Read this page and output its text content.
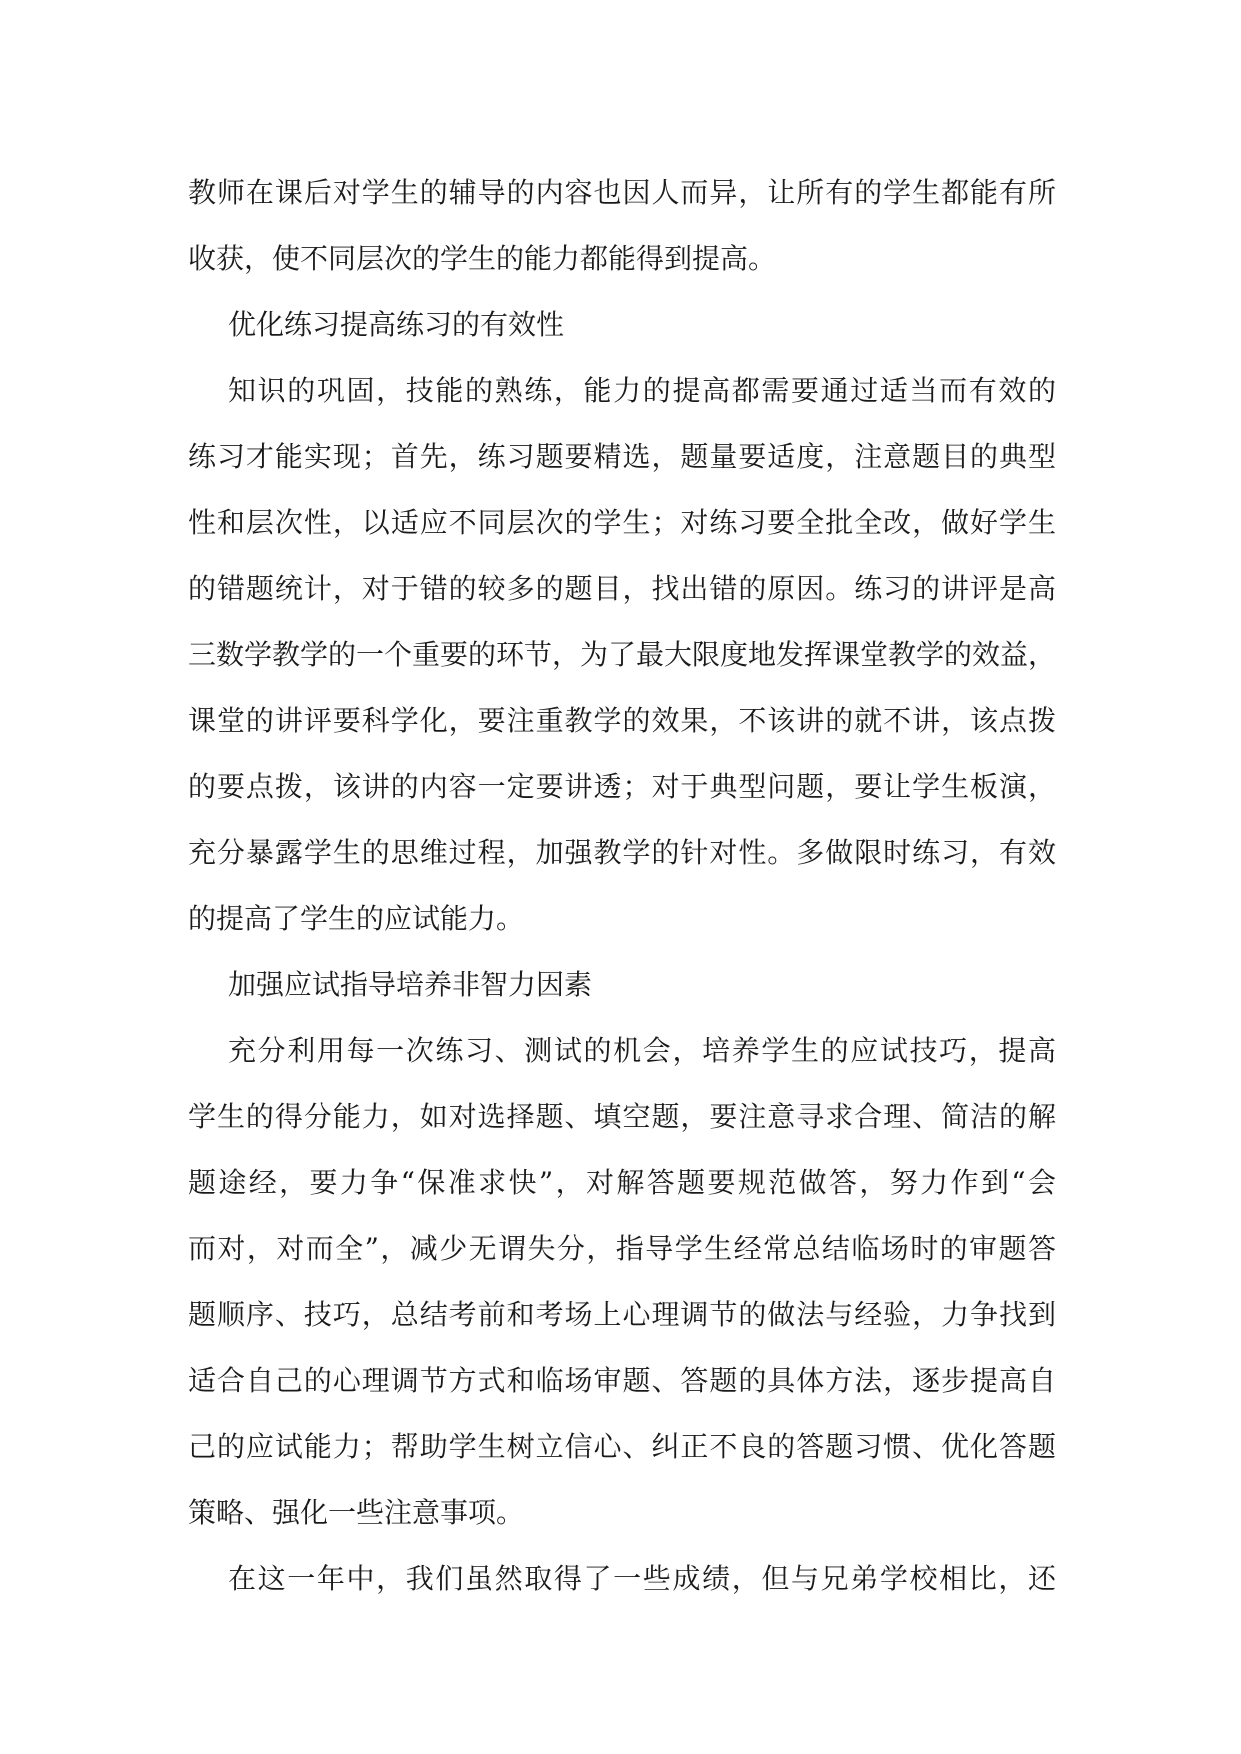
教师在课后对学生的辅导的内容也因人而异，让所有的学生都能有所
收获，使不同层次的学生的能力都能得到提高。
优化练习提高练习的有效性
知识的巩固，技能的熟练，能力的提高都需要通过适当而有效的
练习才能实现；首先，练习题要精选，题量要适度，注意题目的典型
性和层次性，以适应不同层次的学生；对练习要全批全改，做好学生
的错题统计，对于错的较多的题目，找出错的原因。练习的讲评是高
三数学教学的一个重要的环节，为了最大限度地发挥课堂教学的效益，
课堂的讲评要科学化，要注重教学的效果，不该讲的就不讲，该点拨
的要点拨，该讲的内容一定要讲透；对于典型问题，要让学生板演，
充分暴露学生的思维过程，加强教学的针对性。多做限时练习，有效
的提高了学生的应试能力。
加强应试指导培养非智力因素
充分利用每一次练习、测试的机会，培养学生的应试技巧，提高
学生的得分能力，如对选择题、填空题，要注意寻求合理、简洁的解
题途经，要力争“保准求快”，对解答题要规范做答，努力作到“会
而对，对而全”，减少无谓失分，指导学生经常总结临场时的审题答
题顺序、技巧，总结考前和考场上心理调节的做法与经验，力争找到
适合自己的心理调节方式和临场审题、答题的具体方法，逐步提高自
己的应试能力；帮助学生树立信心、纠正不良的答题习惯、优化答题
策略、强化一些注意事项。
在这一年中，我们虽然取得了一些成绩，但与兄弟学校相比，还
